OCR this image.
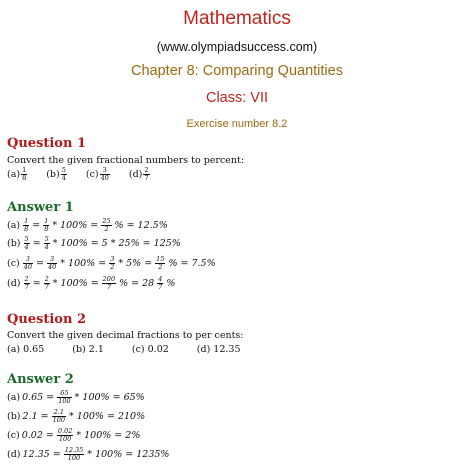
Mathematics
(www.olympiadsuccess.com)
Chapter 8: Comparing Quantities
Class: VII
Exercise number 8.2
Question 1
Convert the given fractional numbers to percent:
$(a) \frac{1}{8} (b) \frac{5}{4} (c) \frac{3}{40} (d) \frac{2}{7}$
Answer 1
$(a) \frac{1}{8} = \frac{1}{8} * 100\% = \frac{25}{2}$ % = 12.5%
$(b) \frac{5}{4} = \frac{5}{4} * 100\% = 5 * 25\% = 125\%$
$(c) \frac{3}{40} = \frac{3}{40} * 100\% = \frac{3}{2} * 5\% = \frac{15}{2}$ % = 7.5%
$(d) \frac{2}{7} = \frac{2}{7} * 100\% = \frac{200}{7}$ % = $28 \frac{4}{7}$ %
Question 2
Convert the given decimal fractions to per cents:
(a) 0.65	(b) 2.1	(c) 0.02	(d) 12.35
Answer 2
(a) $0.65 = \frac{65}{100} * 100\% = 65\%$
(b) $2.1 = \frac{2.1}{100} * 100\% = 210\%$
(c) $0.02 = \frac{0.02}{100} * 100\% = 2\%$
(d) $12.35 = \frac{12.35}{100} * 100\% = 1235\%$
